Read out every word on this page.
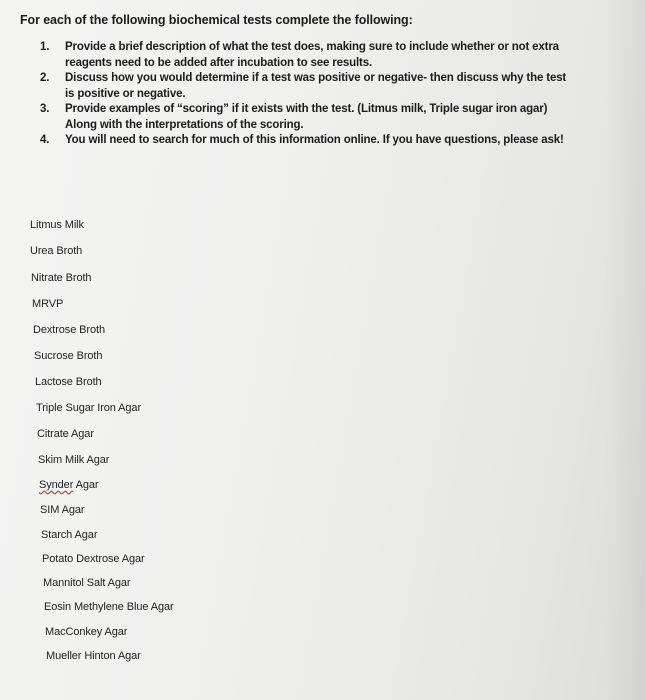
For each of the following biochemical tests complete the following:
1. Provide a brief description of what the test does, making sure to include whether or not extra
reagents need to be added after incubation to see results.
2. Discuss how you would determine if a test was positive or negative- then discuss why the test
is positive or negative.
3. Provide examples of “scoring” if it exists with the test. (Litmus milk, Triple sugar iron agar)
Along with the interpretations of the scoring.
4. You will need to search for much of this information online. If you have questions, please ask!
Litmus Milk
Urea Broth
Nitrate Broth
MRVP
Dextrose Broth
Sucrose Broth
Lactose Broth
Triple Sugar Iron Agar
Citrate Agar
Skim Milk Agar
Synder Agar
SIM Agar
Starch Agar
Potato Dextrose Agar
Mannitol Salt Agar
Eosin Methylene Blue Agar
MacConkey Agar
Mueller Hinton Agar
